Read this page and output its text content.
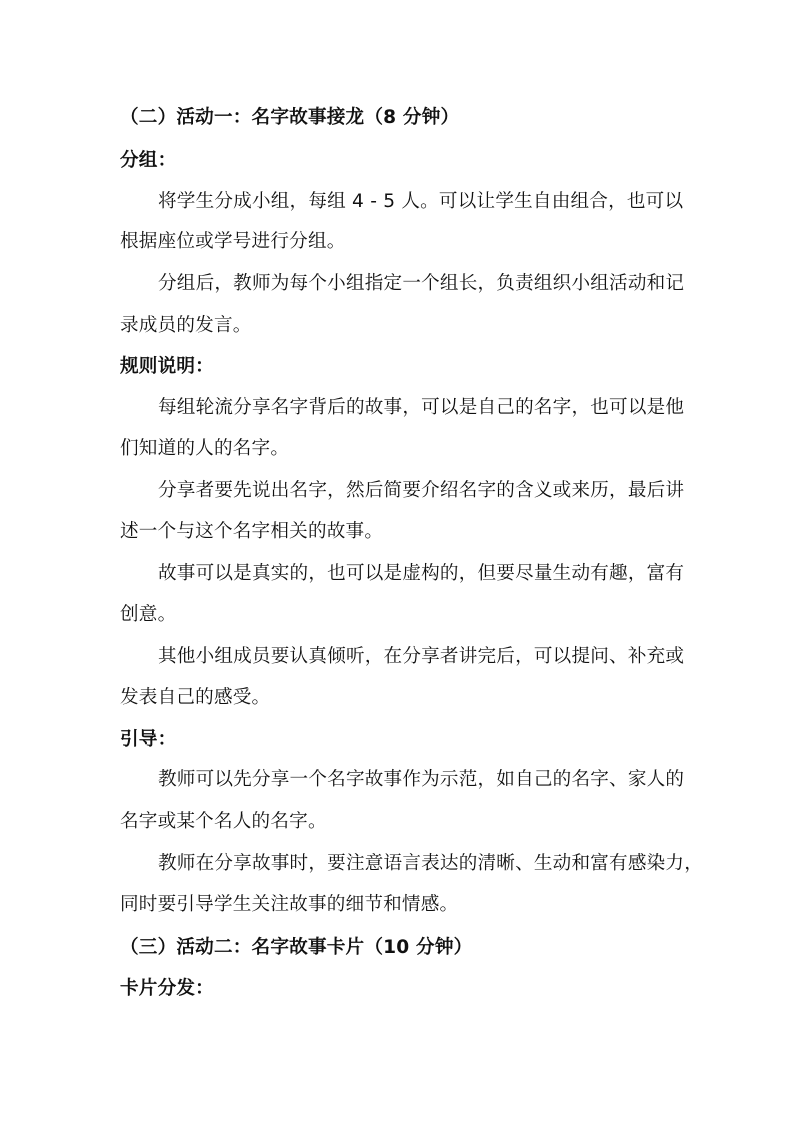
（二）活动一：名字故事接龙（8 分钟）
分组：
将学生分成小组，每组 4 - 5 人。可以让学生自由组合，也可以
根据座位或学号进行分组。
分组后，教师为每个小组指定一个组长，负责组织小组活动和记
录成员的发言。
规则说明：
每组轮流分享名字背后的故事，可以是自己的名字，也可以是他
们知道的人的名字。
分享者要先说出名字，然后简要介绍名字的含义或来历，最后讲
述一个与这个名字相关的故事。
故事可以是真实的，也可以是虚构的，但要尽量生动有趣，富有
创意。
其他小组成员要认真倾听，在分享者讲完后，可以提问、补充或
发表自己的感受。
引导：
教师可以先分享一个名字故事作为示范，如自己的名字、家人的
名字或某个名人的名字。
教师在分享故事时，要注意语言表达的清晰、生动和富有感染力，
同时要引导学生关注故事的细节和情感。
（三）活动二：名字故事卡片（10 分钟）
卡片分发：
